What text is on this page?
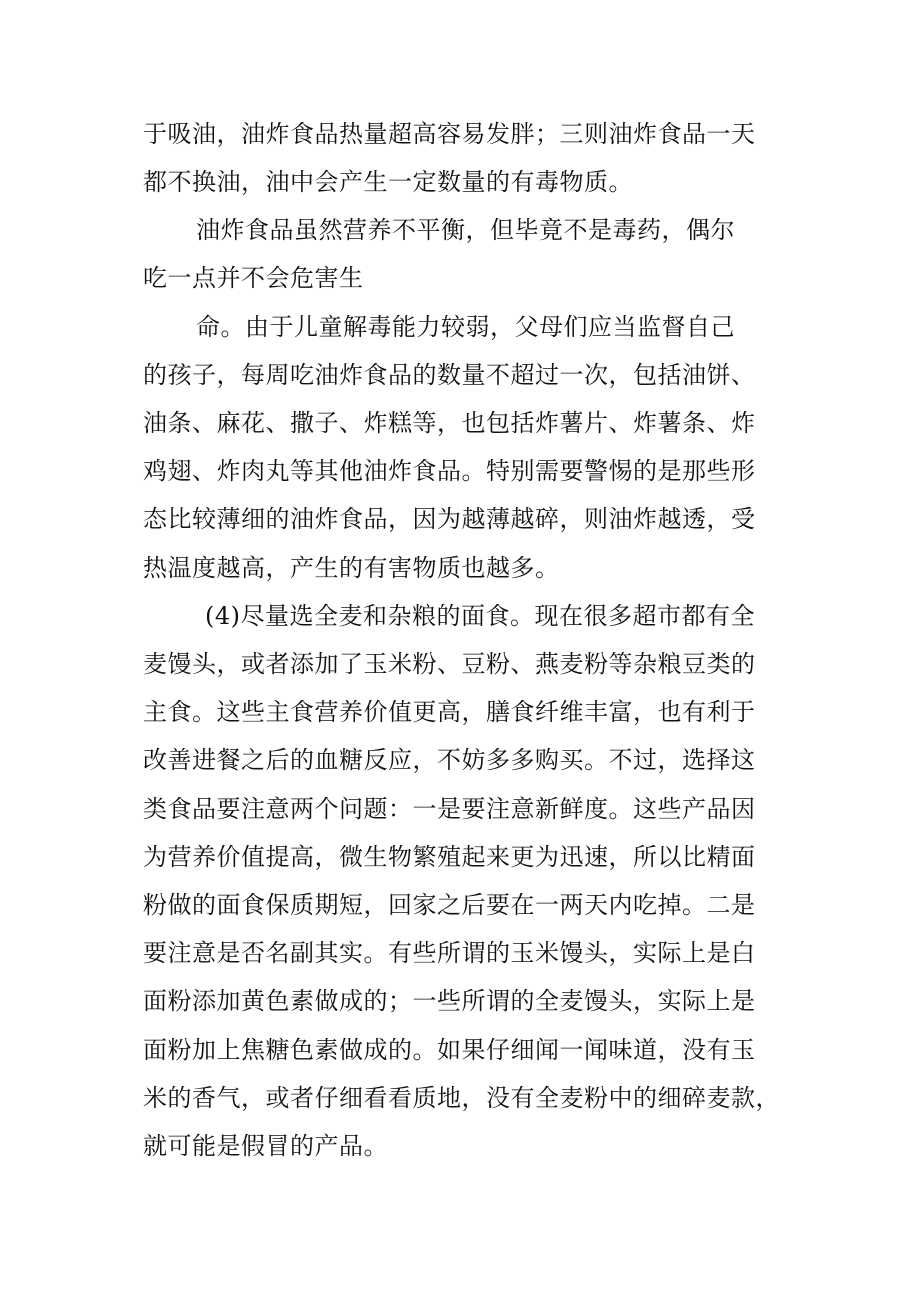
于吸油，油炸食品热量超高容易发胖；三则油炸食品一天
都不换油，油中会产生一定数量的有毒物质。
油炸食品虽然营养不平衡，但毕竟不是毒药，偶尔
吃一点并不会危害生
命。由于儿童解毒能力较弱，父母们应当监督自己
的孩子，每周吃油炸食品的数量不超过一次，包括油饼、
油条、麻花、撒子、炸糕等，也包括炸薯片、炸薯条、炸
鸡翅、炸肉丸等其他油炸食品。特别需要警惕的是那些形
态比较薄细的油炸食品，因为越薄越碎，则油炸越透，受
热温度越高，产生的有害物质也越多。
(4)尽量选全麦和杂粮的面食。现在很多超市都有全
麦馒头，或者添加了玉米粉、豆粉、燕麦粉等杂粮豆类的
主食。这些主食营养价值更高，膳食纤维丰富，也有利于
改善进餐之后的血糖反应，不妨多多购买。不过，选择这
类食品要注意两个问题：一是要注意新鲜度。这些产品因
为营养价值提高，微生物繁殖起来更为迅速，所以比精面
粉做的面食保质期短，回家之后要在一两天内吃掉。二是
要注意是否名副其实。有些所谓的玉米馒头，实际上是白
面粉添加黄色素做成的；一些所谓的全麦馒头，实际上是
面粉加上焦糖色素做成的。如果仔细闻一闻味道，没有玉
米的香气，或者仔细看看质地，没有全麦粉中的细碎麦款，
就可能是假冒的产品。
